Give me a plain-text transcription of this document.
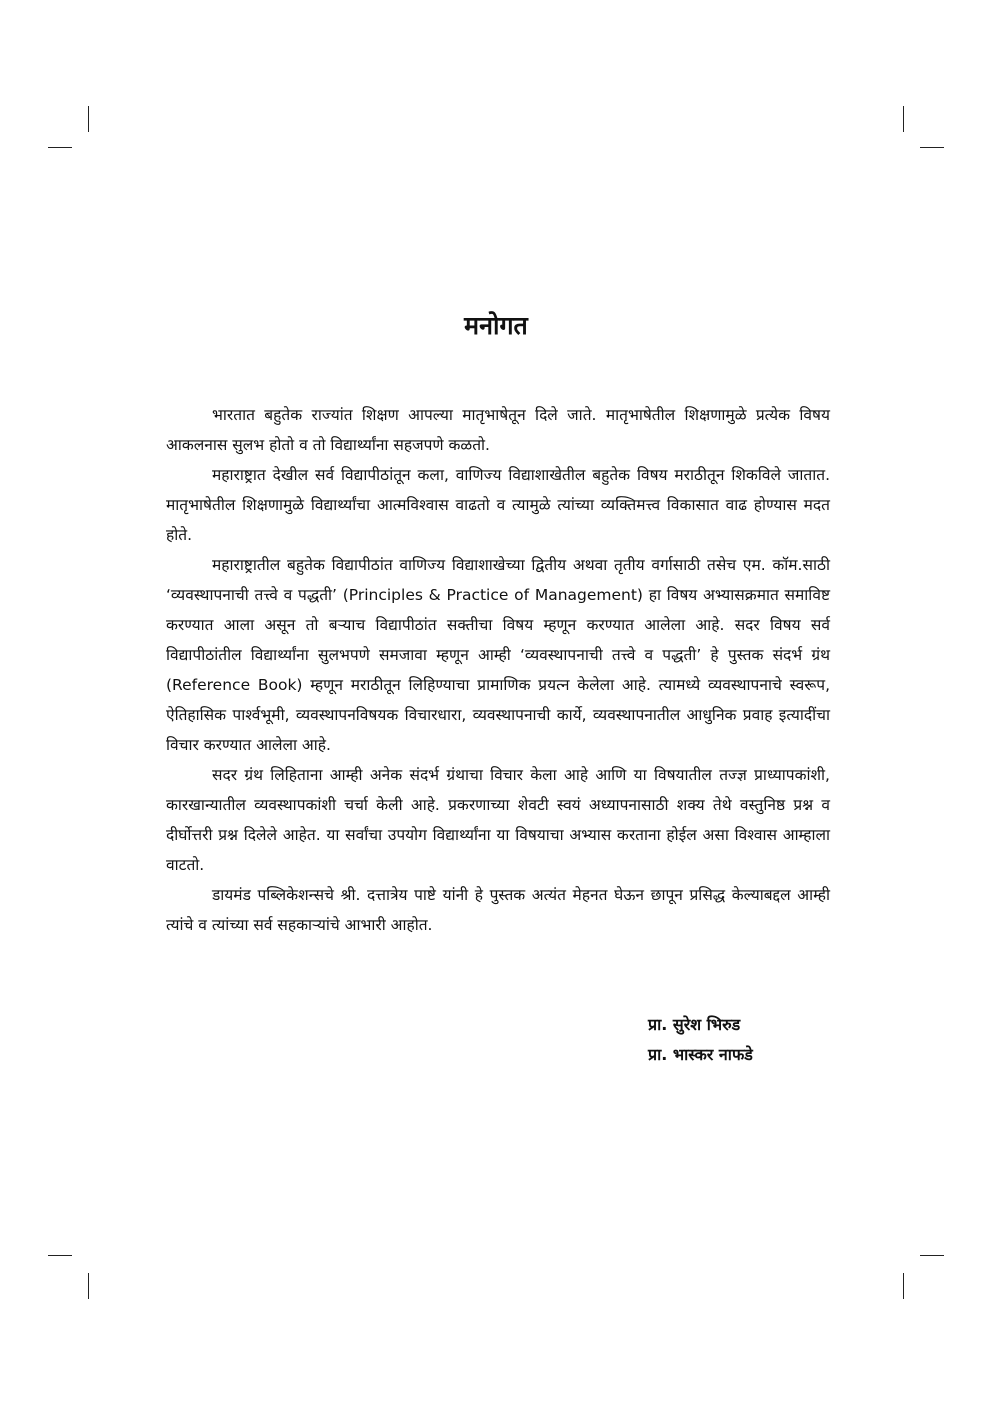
मनोगत

भारतात बहुतेक राज्यांत शिक्षण आपल्या मातृभाषेतून दिले जाते. मातृभाषेतील शिक्षणामुळे प्रत्येक विषय आकलनास सुलभ होतो व तो विद्यार्थ्यांना सहजपणे कळतो.

महाराष्ट्रात देखील सर्व विद्यापीठांतून कला, वाणिज्य विद्याशाखेतील बहुतेक विषय मराठीतून शिकविले जातात. मातृभाषेतील शिक्षणामुळे विद्यार्थ्यांचा आत्मविश्वास वाढतो व त्यामुळे त्यांच्या व्यक्तिमत्त्व विकासात वाढ होण्यास मदत होते.

महाराष्ट्रातील बहुतेक विद्यापीठांत वाणिज्य विद्याशाखेच्या द्वितीय अथवा तृतीय वर्गासाठी तसेच एम. कॉम.साठी ‘व्यवस्थापनाची तत्त्वे व पद्धती’ (Principles & Practice of Management) हा विषय अभ्यासक्रमात समाविष्ट करण्यात आला असून तो बऱ्याच विद्यापीठांत सक्तीचा विषय म्हणून करण्यात आलेला आहे. सदर विषय सर्व विद्यापीठांतील विद्यार्थ्यांना सुलभपणे समजावा म्हणून आम्ही ‘व्यवस्थापनाची तत्त्वे व पद्धती’ हे पुस्तक संदर्भ ग्रंथ (Reference Book) म्हणून मराठीतून लिहिण्याचा प्रामाणिक प्रयत्न केलेला आहे. त्यामध्ये व्यवस्थापनाचे स्वरूप, ऐतिहासिक पार्श्वभूमी, व्यवस्थापनविषयक विचारधारा, व्यवस्थापनाची कार्ये, व्यवस्थापनातील आधुनिक प्रवाह इत्यादींचा विचार करण्यात आलेला आहे.

सदर ग्रंथ लिहिताना आम्ही अनेक संदर्भ ग्रंथाचा विचार केला आहे आणि या विषयातील तज्ज्ञ प्राध्यापकांशी, कारखान्यातील व्यवस्थापकांशी चर्चा केली आहे. प्रकरणाच्या शेवटी स्वयं अध्यापनासाठी शक्य तेथे वस्तुनिष्ठ प्रश्न व दीर्घोत्तरी प्रश्न दिलेले आहेत. या सर्वांचा उपयोग विद्यार्थ्यांना या विषयाचा अभ्यास करताना होईल असा विश्वास आम्हाला वाटतो.

डायमंड पब्लिकेशन्सचे श्री. दत्तात्रेय पाष्टे यांनी हे पुस्तक अत्यंत मेहनत घेऊन छापून प्रसिद्ध केल्याबद्दल आम्ही त्यांचे व त्यांच्या सर्व सहकाऱ्यांचे आभारी आहोत.

प्रा. सुरेश भिरुड
प्रा. भास्कर नाफडे
